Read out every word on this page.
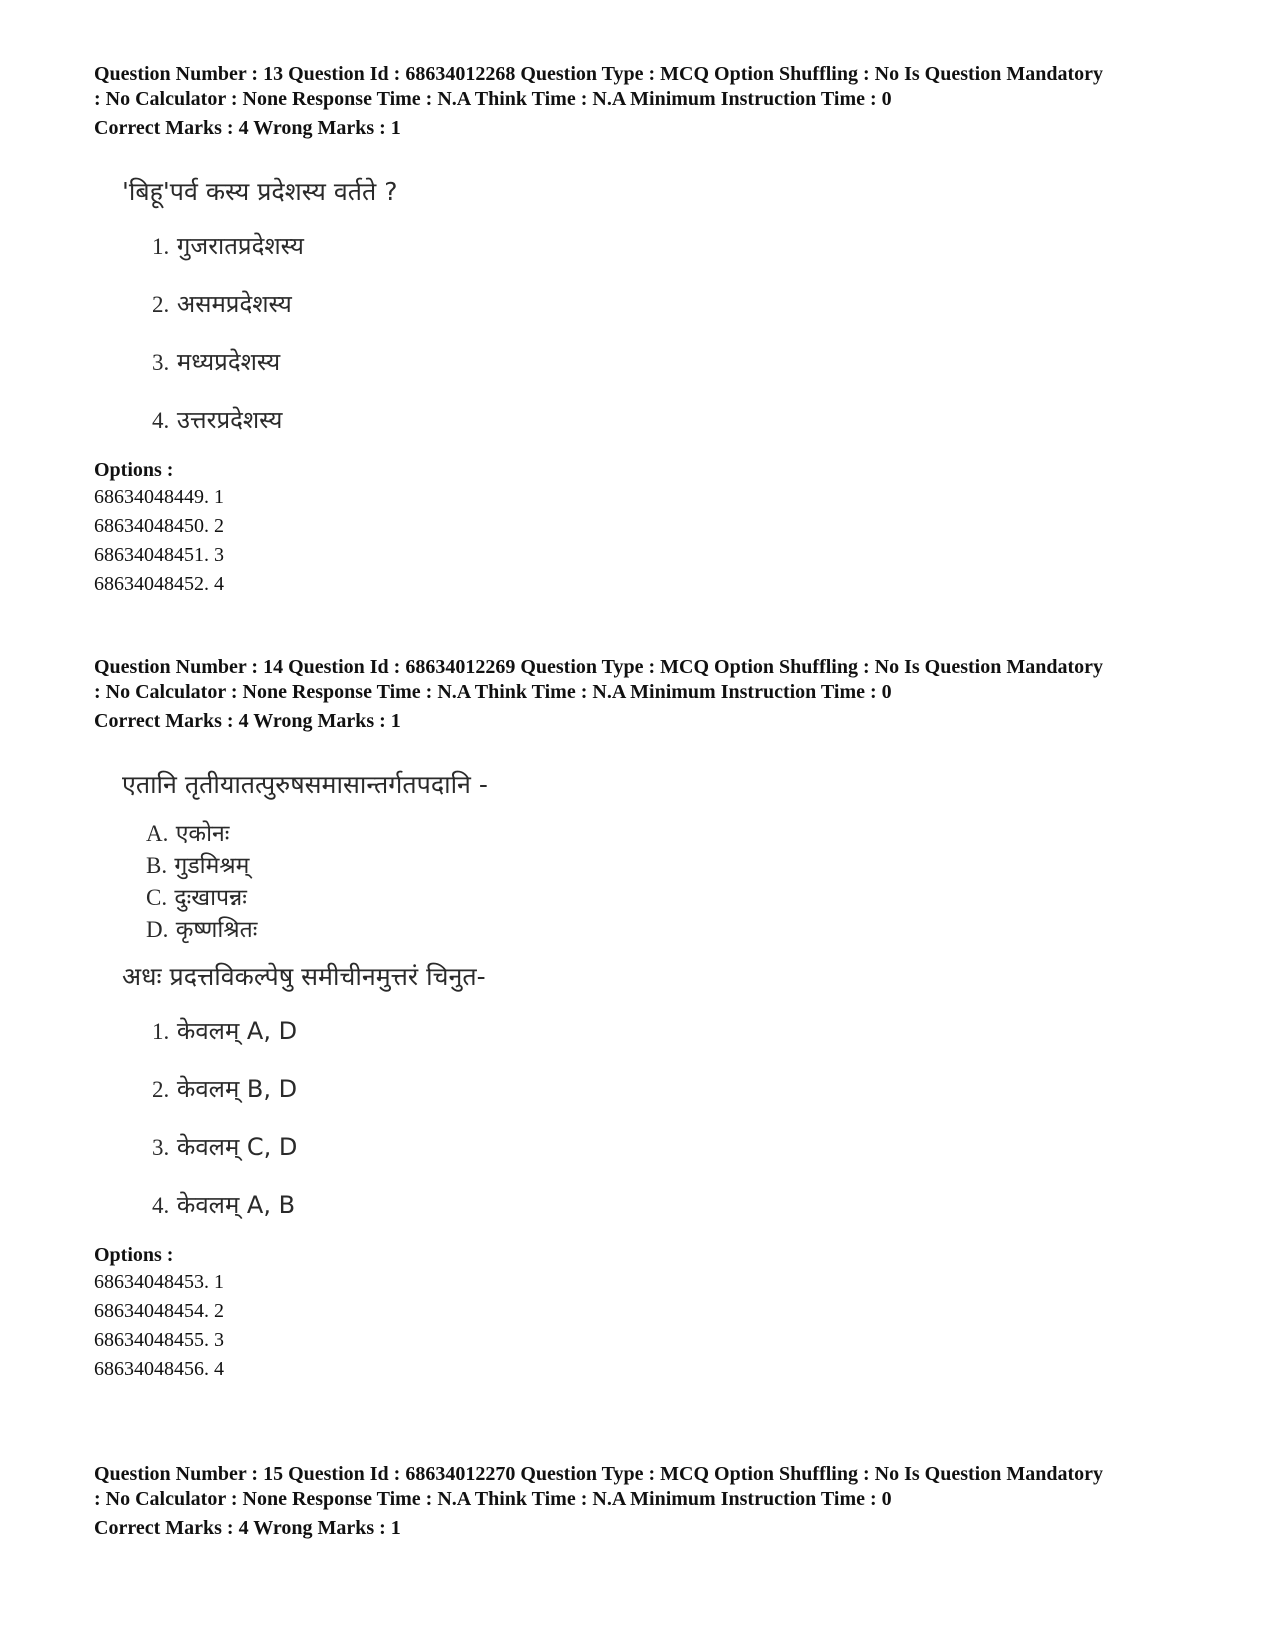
Question Number : 13 Question Id : 68634012268 Question Type : MCQ Option Shuffling : No Is Question Mandatory
: No Calculator : None Response Time : N.A Think Time : N.A Minimum Instruction Time : 0
Correct Marks : 4 Wrong Marks : 1
'बिहू'पर्व कस्य प्रदेशस्य वर्तते ?
1. गुजरातप्रदेशस्य
2. असमप्रदेशस्य
3. मध्यप्रदेशस्य
4. उत्तरप्रदेशस्य
Options :
68634048449. 1
68634048450. 2
68634048451. 3
68634048452. 4
Question Number : 14 Question Id : 68634012269 Question Type : MCQ Option Shuffling : No Is Question Mandatory
: No Calculator : None Response Time : N.A Think Time : N.A Minimum Instruction Time : 0
Correct Marks : 4 Wrong Marks : 1
एतानि तृतीयातत्पुरुषसमासान्तर्गतपदानि -
A. एकोनः
B. गुडमिश्रम्
C. दुःखापन्नः
D. कृष्णश्रितः
अधः प्रदत्तविकल्पेषु समीचीनमुत्तरं चिनुत-
1. केवलम् A, D
2. केवलम् B, D
3. केवलम् C, D
4. केवलम् A, B
Options :
68634048453. 1
68634048454. 2
68634048455. 3
68634048456. 4
Question Number : 15 Question Id : 68634012270 Question Type : MCQ Option Shuffling : No Is Question Mandatory
: No Calculator : None Response Time : N.A Think Time : N.A Minimum Instruction Time : 0
Correct Marks : 4 Wrong Marks : 1
